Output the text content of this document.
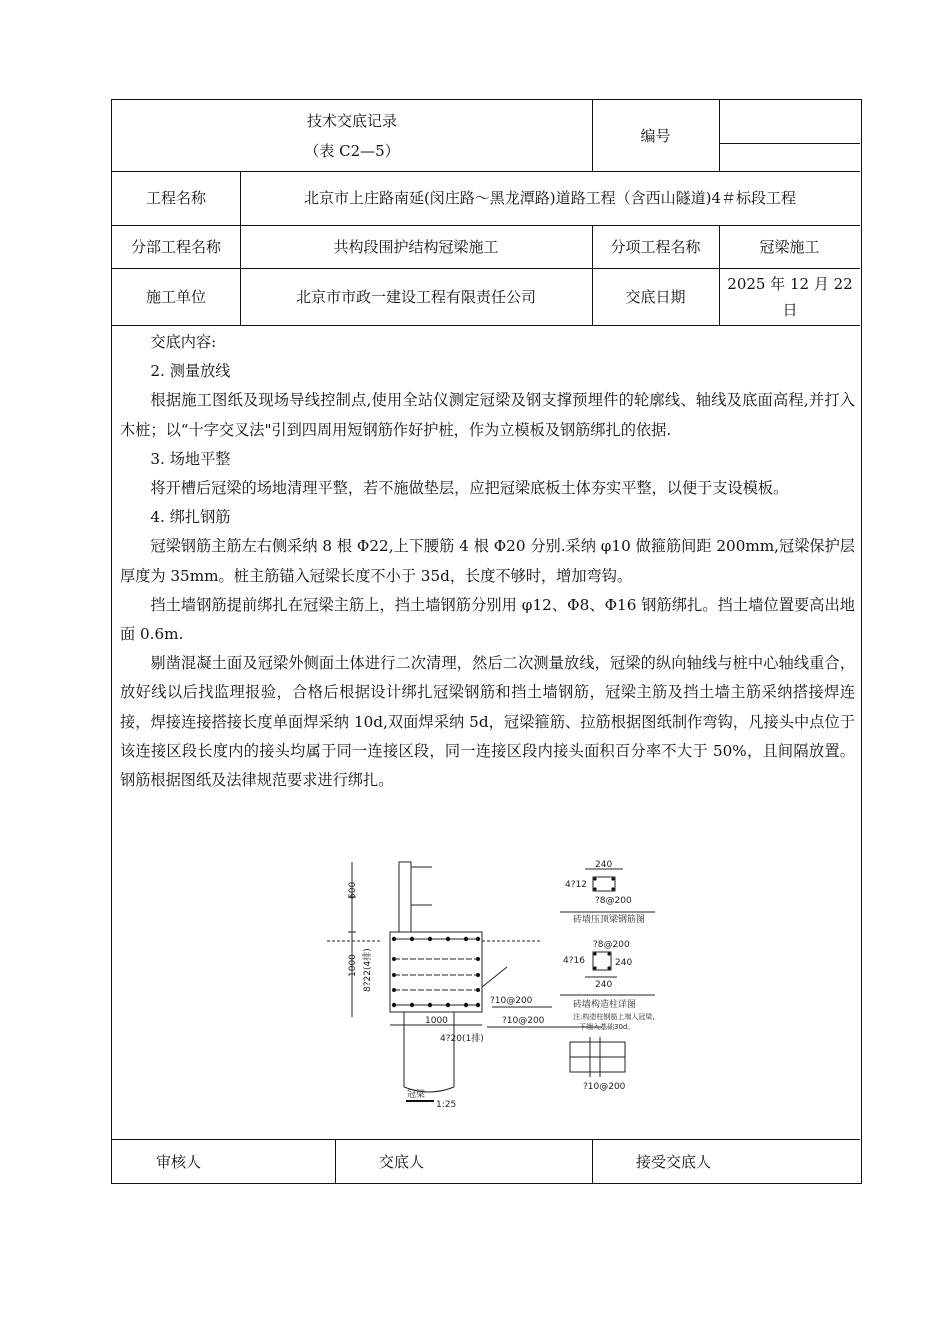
技术交底记录
（表 C2—5）
编号
工程名称	北京市上庄路南延(闵庄路～黑龙潭路)道路工程（含西山隧道)4＃标段工程
分部工程名称	共构段围护结构冠梁施工	分项工程名称	冠梁施工
施工单位	北京市市政一建设工程有限责任公司	交底日期
2025 年 12 月 22 日

交底内容:

2. 测量放线

根据施工图纸及现场导线控制点,使用全站仪测定冠梁及钢支撑预埋件的轮廓线、轴线及底面高程,并打入木桩；以“十字交叉法"引到四周用短钢筋作好护桩，作为立模板及钢筋绑扎的依据.

3. 场地平整

将开槽后冠梁的场地清理平整，若不施做垫层，应把冠梁底板土体夯实平整，以便于支设模板。

4. 绑扎钢筋

冠梁钢筋主筋左右侧采纳 8 根 Φ22,上下腰筋 4 根 Φ20 分别.采纳 φ10 做箍筋间距 200mm,冠梁保护层厚度为 35mm。桩主筋锚入冠梁长度不小于 35d，长度不够时，增加弯钩。

挡土墙钢筋提前绑扎在冠梁主筋上，挡土墙钢筋分别用 φ12、Φ8、Φ16 钢筋绑扎。挡土墙位置要高出地面 0.6m.

剔凿混凝土面及冠梁外侧面土体进行二次清理，然后二次测量放线，冠梁的纵向轴线与桩中心轴线重合，放好线以后找监理报验，合格后根据设计绑扎冠梁钢筋和挡土墙钢筋，冠梁主筋及挡土墙主筋采纳搭接焊连接，焊接连接搭接长度单面焊采纳 10d,双面焊采纳 5d，冠梁箍筋、拉筋根据图纸制作弯钩，凡接头中点位于该连接区段长度内的接头均属于同一连接区段，同一连接区段内接头面积百分率不大于 50%，且间隔放置。钢筋根据图纸及法律规范要求进行绑扎。

600
1000 8?22(4排)
?10@200
?10@200
1000
4?20(1排)
冠梁
1:25
240
4?12
?8@200
砖墙压顶梁钢筋图
?8@200
4?16	240
240
砖墙构造柱详图
注:构造柱钢筋上端入冠梁,
下端入基础30d。
?10@200
审核人	交底人	接受交底人
